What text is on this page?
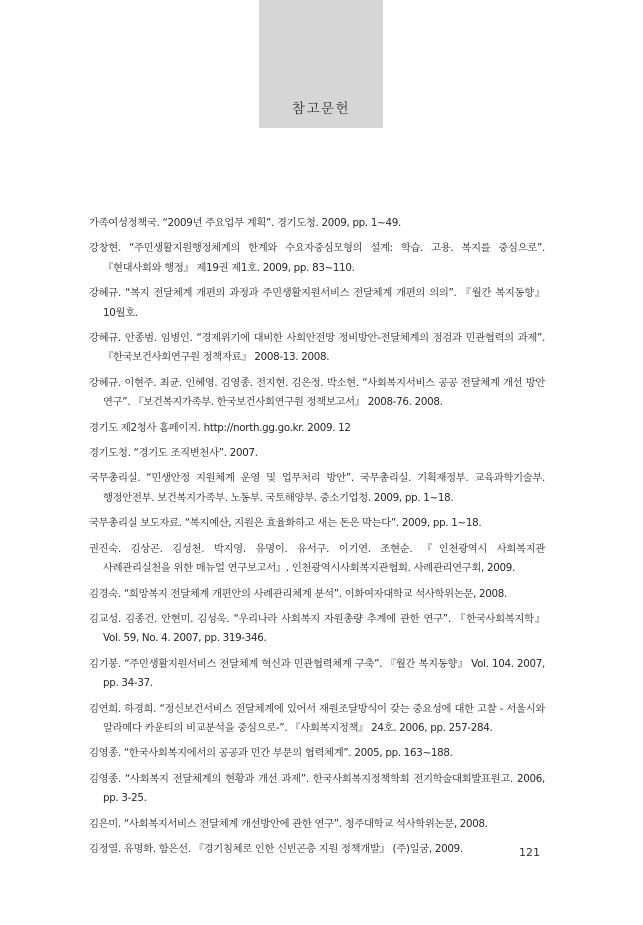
참고문헌
가족여성정책국. “2009년 주요업무 계획”. 경기도청. 2009, pp. 1~49.
강창현. “주민생활지원행정체계의 한계와 수요자중심모형의 설계: 학습. 고용. 복지를 중심으로”. 『현대사회와 행정』 제19권 제1호. 2009, pp. 83~110.
강혜규. “복지 전달체계 개편의 과정과 주민생활지원서비스 전달체계 개편의 의의”. 『월간 복지동향』 10월호.
강혜규. 안종범. 임병인. “경제위기에 대비한 사회안전망 정비방안-전달체계의 점검과 민관협력의 과제”. 『한국보건사회연구원 정책자료』 2008-13. 2008.
강혜규. 이현주. 최균. 인혜영. 김영종. 전지현. 김은정. 박소현. “사회복지서비스 공공 전달체계 개선 방안 연구”. 『보건복지가족부. 한국보건사회연구원 정책보고서』 2008-76. 2008.
경기도 제2청사 홈페이지. http://north.gg.go.kr. 2009. 12
경기도청. “경기도 조직변천사”. 2007.
국무총리실. “민생안정 지원체계 운영 및 업무처리 방안”. 국무총리실. 기획재정부. 교육과학기술부. 행정안전부. 보건복지가족부. 노동부. 국토해양부. 중소기업청. 2009, pp. 1~18.
국무총리실 보도자료. “복지예산, 지원은 효율화하고 새는 돈은 막는다”. 2009, pp. 1~18.
권진숙. 김상곤. 김성천. 박지영. 유명이. 유서구. 이기연. 조현순. 『인천광역시 사회복지관 사례관리실천을 위한 매뉴얼 연구보고서』. 인천광역시사회복지관협회. 사례관리연구회, 2009.
김경숙. “희망복지 전달체계 개편안의 사례관리체계 분석”. 이화여자대학교 석사학위논문, 2008.
김교성. 김종건. 안현미. 김성욱. “우리나라 사회복지 자원총량 추계에 관한 연구”. 『한국사회복지학』 Vol. 59, No. 4. 2007, pp. 319-346.
김기봉. “주민생활지원서비스 전달체계 혁신과 민관협력체계 구축”. 『월간 복지동향』 Vol. 104. 2007, pp. 34-37.
김연희. 하경희. “정신보건서비스 전달체계에 있어서 재원조달방식이 갖는 중요성에 대한 고찰 - 서울시와 알라메다 카운티의 비교분석을 중심으로-”. 『사회복지정책』 24호. 2006, pp. 257-284.
김영종. “한국사회복지에서의 공공과 민간 부문의 협력체계”. 2005, pp. 163~188.
김영종. “사회복지 전달체계의 현황과 개선 과제”. 한국사회복지정책학회 전기학술대회발표원고. 2006, pp. 3-25.
김은미. “사회복지서비스 전달체계 개선방안에 관한 연구”. 청주대학교 석사학위논문, 2008.
김정열. 유명화. 함은선. 『경기침체로 인한 신빈곤층 지원 정책개발』 (주)일굼, 2009.	121
